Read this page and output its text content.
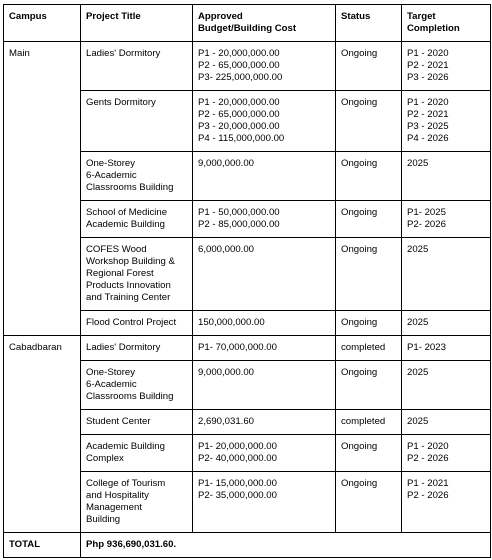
Campus	Project Title	Approved
Budget/Building Cost	Status	Target
Completion

Main	Ladies' Dormitory	P1 - 20,000,000.00
P2 - 65,000,000.00
P3- 225,000,000.00	Ongoing	P1 - 2020
P2 - 2021
P3 - 2026

	Gents Dormitory	P1 - 20,000,000.00
P2 - 65,000,000.00
P3 - 20,000,000.00
P4 - 115,000,000.00	Ongoing	P1 - 2020
P2 - 2021
P3 - 2025
P4 - 2026

	One-Storey
6-Academic
Classrooms Building	9,000,000.00	Ongoing	2025

	School of Medicine
Academic Building	P1 - 50,000,000.00
P2 - 85,000,000.00	Ongoing	P1- 2025
P2- 2026

	COFES Wood
Workshop Building &
Regional Forest
Products Innovation
and Training Center	6,000,000.00	Ongoing	2025

	Flood Control Project	150,000,000.00	Ongoing	2025

Cabadbaran	Ladies' Dormitory	P1- 70,000,000.00	completed	P1- 2023

	One-Storey
6-Academic
Classrooms Building	9,000,000.00	Ongoing	2025

	Student Center	2,690,031.60	completed	2025

	Academic Building
Complex	P1- 20,000,000.00
P2- 40,000,000.00	Ongoing	P1 - 2020
P2 - 2026

	College of Tourism
and Hospitality
Management
Building	P1- 15,000,000.00
P2- 35,000,000.00	Ongoing	P1 - 2021
P2 - 2026

TOTAL	Php 936,690,031.60.			
